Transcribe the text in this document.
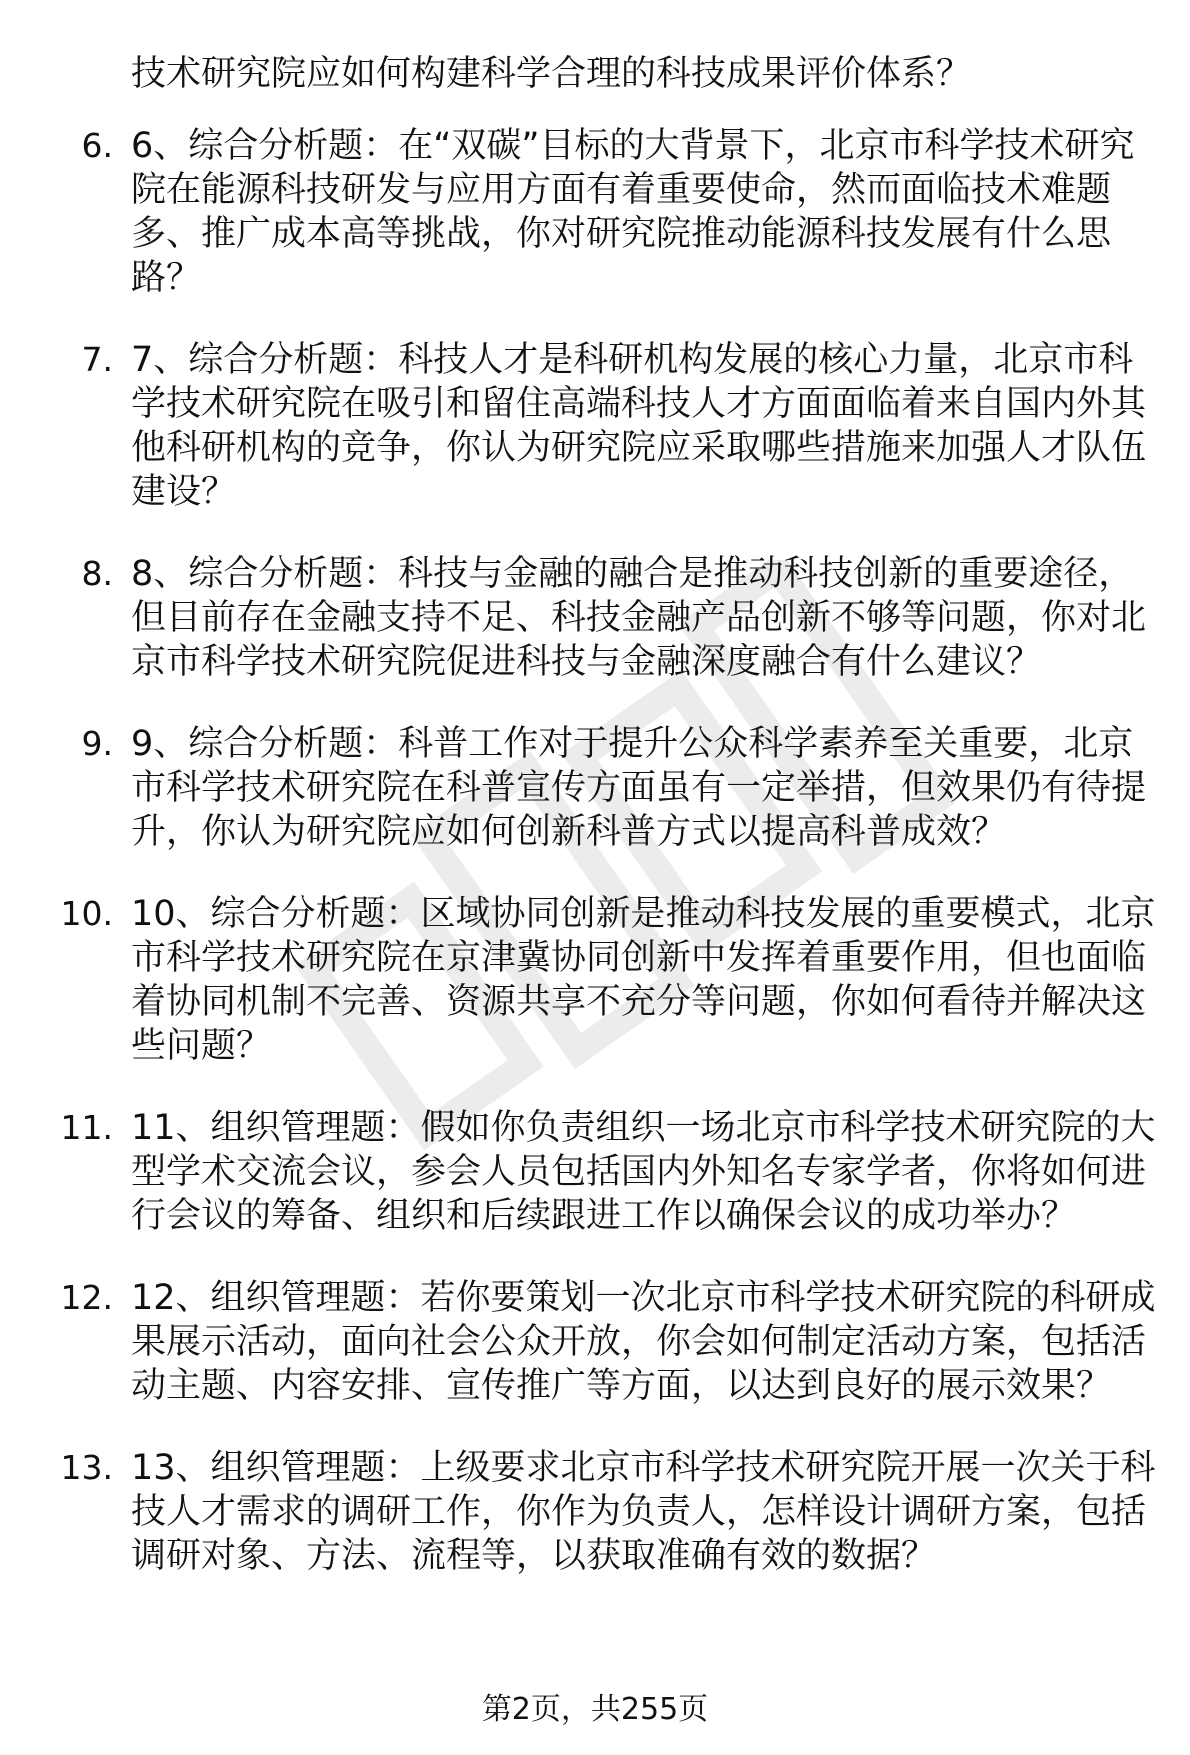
技术研究院应如何构建科学合理的科技成果评价体系？

6. 6、综合分析题：在“双碳”目标的大背景下，北京市科学技术研究院在能源科技研发与应用方面有着重要使命，然而面临技术难题多、推广成本高等挑战，你对研究院推动能源科技发展有什么思路？
7. 7、综合分析题：科技人才是科研机构发展的核心力量，北京市科学技术研究院在吸引和留住高端科技人才方面面临着来自国内外其他科研机构的竞争，你认为研究院应采取哪些措施来加强人才队伍建设？
8. 8、综合分析题：科技与金融的融合是推动科技创新的重要途径，但目前存在金融支持不足、科技金融产品创新不够等问题，你对北京市科学技术研究院促进科技与金融深度融合有什么建议？
9. 9、综合分析题：科普工作对于提升公众科学素养至关重要，北京市科学技术研究院在科普宣传方面虽有一定举措，但效果仍有待提升，你认为研究院应如何创新科普方式以提高科普成效？
10. 10、综合分析题：区域协同创新是推动科技发展的重要模式，北京市科学技术研究院在京津冀协同创新中发挥着重要作用，但也面临着协同机制不完善、资源共享不充分等问题，你如何看待并解决这些问题？
11. 11、组织管理题：假如你负责组织一场北京市科学技术研究院的大型学术交流会议，参会人员包括国内外知名专家学者，你将如何进行会议的筹备、组织和后续跟进工作以确保会议的成功举办？
12. 12、组织管理题：若你要策划一次北京市科学技术研究院的科研成果展示活动，面向社会公众开放，你会如何制定活动方案，包括活动主题、内容安排、宣传推广等方面，以达到良好的展示效果？
13. 13、组织管理题：上级要求北京市科学技术研究院开展一次关于科技人才需求的调研工作，你作为负责人，怎样设计调研方案，包括调研对象、方法、流程等，以获取准确有效的数据？
第2页，共255页
